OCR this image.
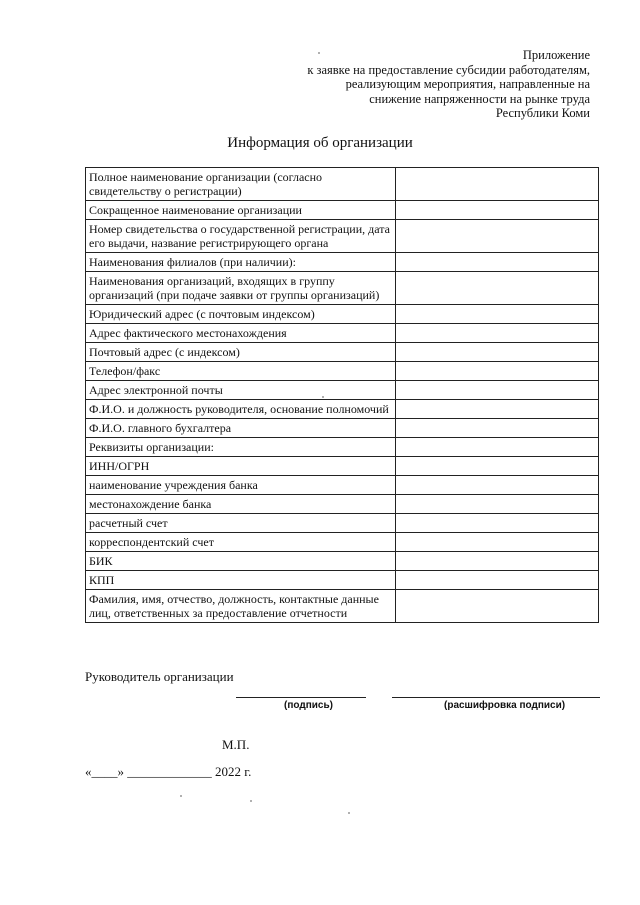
Приложение
к заявке на предоставление субсидии работодателям,
реализующим мероприятия, направленные на
снижение напряженности на рынке труда
Республики Коми
Информация об организации
Полное наименование организации (согласно свидетельству о регистрации)	
Сокращенное наименование организации	
Номер свидетельства о государственной регистрации, дата его выдачи, название регистрирующего органа	
Наименования филиалов (при наличии):	
Наименования организаций, входящих в группу организаций (при подаче заявки от группы организаций)	
Юридический адрес (с почтовым индексом)	
Адрес фактического местонахождения	
Почтовый адрес (с индексом)	
Телефон/факс	
Адрес электронной почты	
Ф.И.О. и должность руководителя, основание полномочий	
Ф.И.О. главного бухгалтера	
Реквизиты организации:	
ИНН/ОГРН	
наименование учреждения банка	
местонахождение банка	
расчетный счет	
корреспондентский счет	
БИК	
КПП	
Фамилия, имя, отчество, должность, контактные данные лиц, ответственных за предоставление отчетности	
Руководитель организации
(подпись)	(расшифровка подписи)
М.П.
«____» _____________ 2022 г.
